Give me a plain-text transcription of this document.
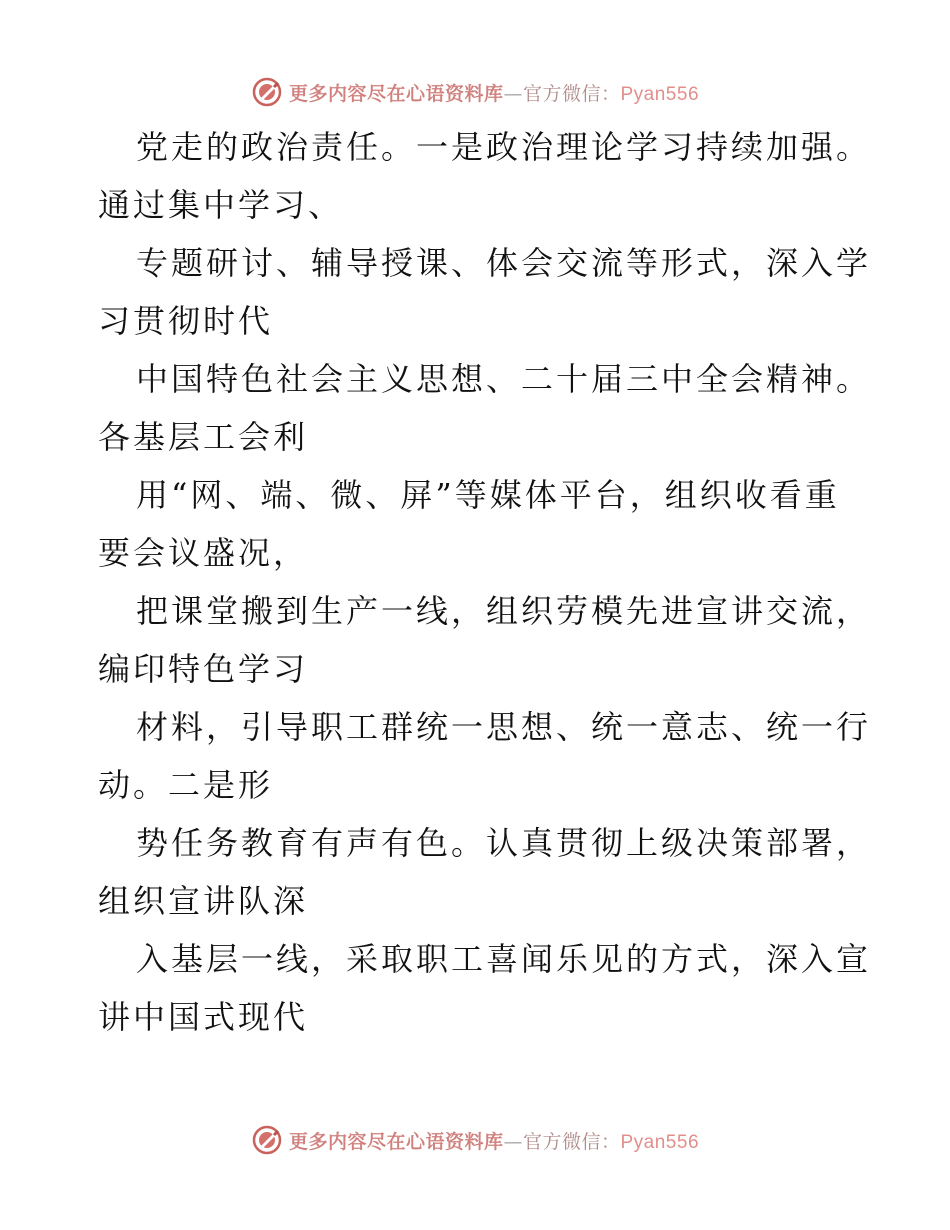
更多内容尽在心语资料库—官方微信：Pyan556
党走的政治责任。一是政治理论学习持续加强。
通过集中学习、
专题研讨、辅导授课、体会交流等形式，深入学
习贯彻时代
中国特色社会主义思想、二十届三中全会精神。
各基层工会利
用“网、端、微、屏”等媒体平台，组织收看重
要会议盛况，
把课堂搬到生产一线，组织劳模先进宣讲交流，
编印特色学习
材料，引导职工群统一思想、统一意志、统一行
动。二是形
势任务教育有声有色。认真贯彻上级决策部署，
组织宣讲队深
入基层一线，采取职工喜闻乐见的方式，深入宣
讲中国式现代
更多内容尽在心语资料库—官方微信：Pyan556
